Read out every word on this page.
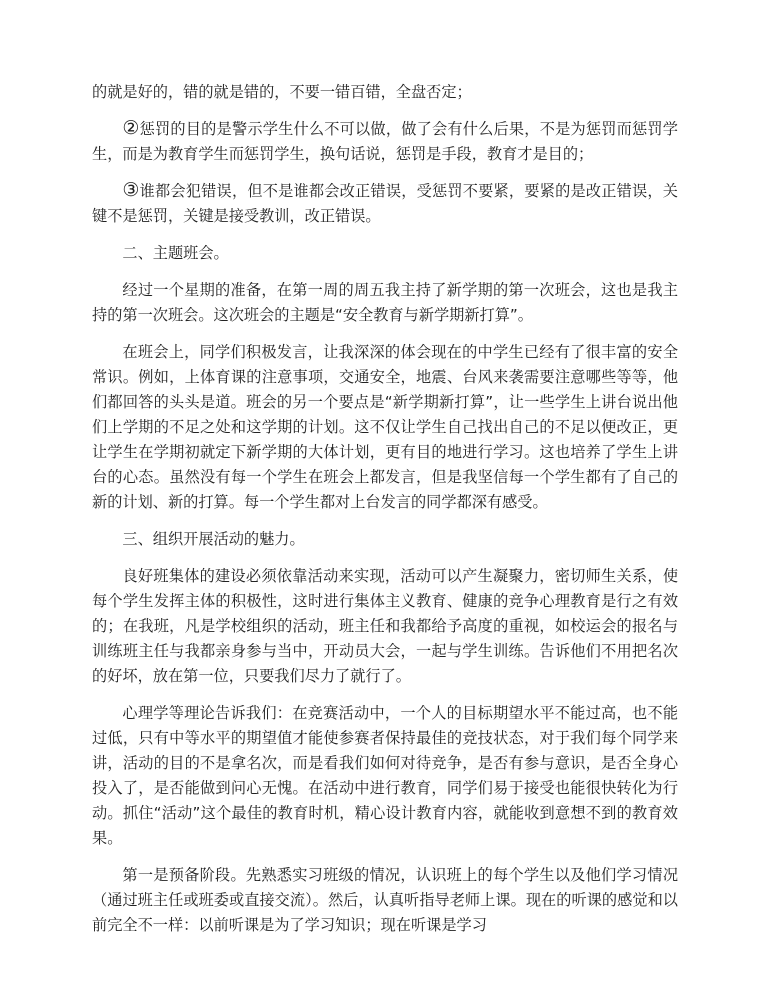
的就是好的，错的就是错的，不要一错百错，全盘否定；

②惩罚的目的是警示学生什么不可以做，做了会有什么后果，不是为惩罚而惩罚学生，而是为教育学生而惩罚学生，换句话说，惩罚是手段，教育才是目的；

③谁都会犯错误，但不是谁都会改正错误，受惩罚不要紧，要紧的是改正错误，关键不是惩罚，关键是接受教训，改正错误。

二、主题班会。

经过一个星期的准备，在第一周的周五我主持了新学期的第一次班会，这也是我主持的第一次班会。这次班会的主题是“安全教育与新学期新打算”。

在班会上，同学们积极发言，让我深深的体会现在的中学生已经有了很丰富的安全常识。例如，上体育课的注意事项，交通安全，地震、台风来袭需要注意哪些等等，他们都回答的头头是道。班会的另一个要点是“新学期新打算”，让一些学生上讲台说出他们上学期的不足之处和这学期的计划。这不仅让学生自己找出自己的不足以便改正，更让学生在学期初就定下新学期的大体计划，更有目的地进行学习。这也培养了学生上讲台的心态。虽然没有每一个学生在班会上都发言，但是我坚信每一个学生都有了自己的新的计划、新的打算。每一个学生都对上台发言的同学都深有感受。

三、组织开展活动的魅力。

良好班集体的建设必须依靠活动来实现，活动可以产生凝聚力，密切师生关系，使每个学生发挥主体的积极性，这时进行集体主义教育、健康的竞争心理教育是行之有效的；在我班，凡是学校组织的活动，班主任和我都给予高度的重视，如校运会的报名与训练班主任与我都亲身参与当中，开动员大会，一起与学生训练。告诉他们不用把名次的好坏，放在第一位，只要我们尽力了就行了。

心理学等理论告诉我们：在竞赛活动中，一个人的目标期望水平不能过高，也不能过低，只有中等水平的期望值才能使参赛者保持最佳的竞技状态，对于我们每个同学来讲，活动的目的不是拿名次，而是看我们如何对待竞争，是否有参与意识，是否全身心投入了，是否能做到问心无愧。在活动中进行教育，同学们易于接受也能很快转化为行动。抓住“活动”这个最佳的教育时机，精心设计教育内容，就能收到意想不到的教育效果。

第一是预备阶段。先熟悉实习班级的情况，认识班上的每个学生以及他们学习情况（通过班主任或班委或直接交流）。然后，认真听指导老师上课。现在的听课的感觉和以前完全不一样：以前听课是为了学习知识；现在听课是学习
